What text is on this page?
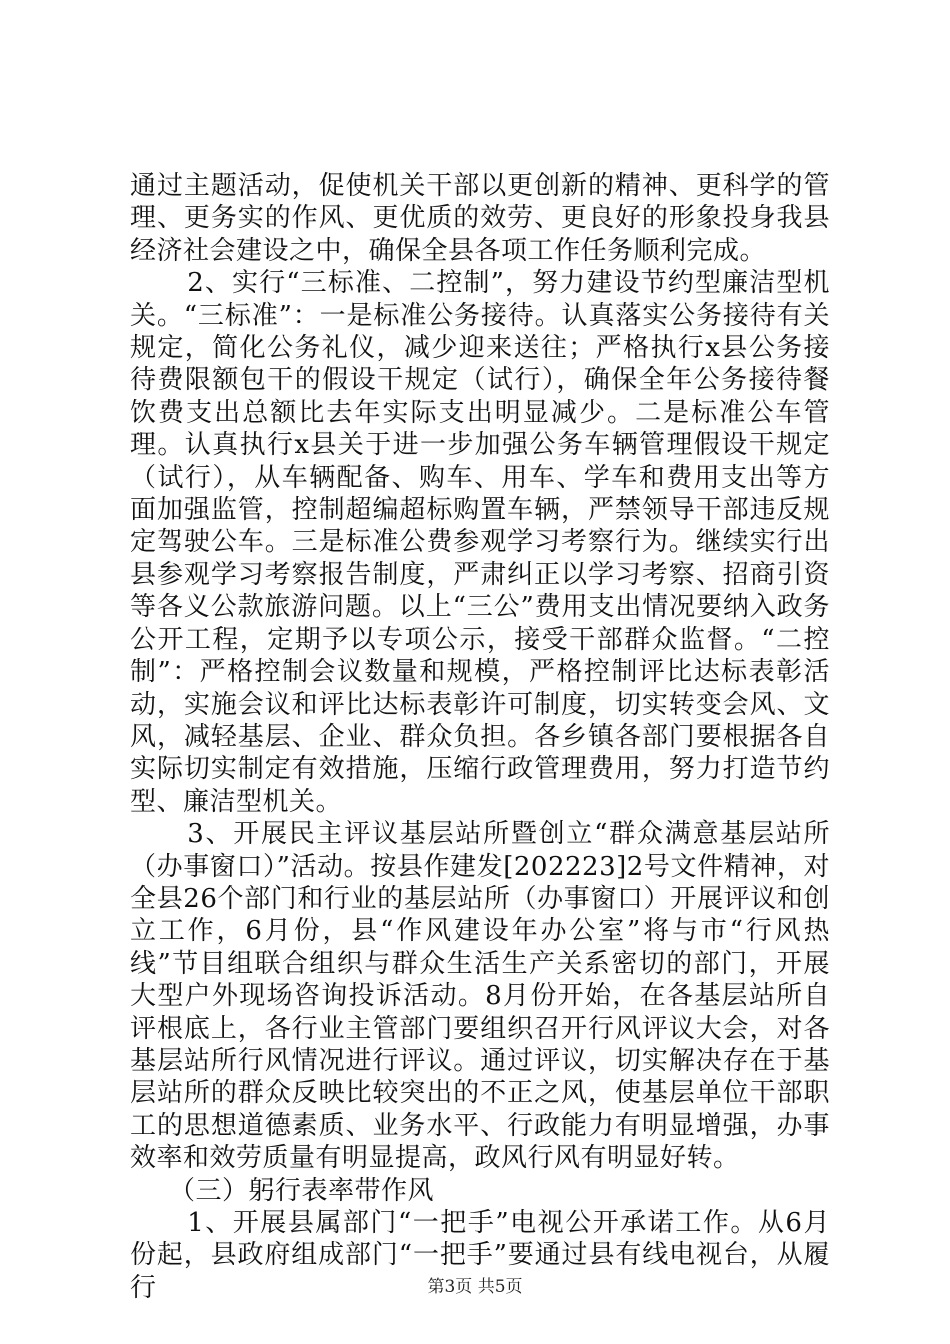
通过主题活动，促使机关干部以更创新的精神、更科学的管理、更务实的作风、更优质的效劳、更良好的形象投身我县经济社会建设之中，确保全县各项工作任务顺利完成。

2、实行“三标准、二控制”，努力建设节约型廉洁型机关。“三标准”：一是标准公务接待。认真落实公务接待有关规定，简化公务礼仪，减少迎来送往；严格执行x县公务接待费限额包干的假设干规定（试行），确保全年公务接待餐饮费支出总额比去年实际支出明显减少。二是标准公车管理。认真执行x县关于进一步加强公务车辆管理假设干规定（试行），从车辆配备、购车、用车、学车和费用支出等方面加强监管，控制超编超标购置车辆，严禁领导干部违反规定驾驶公车。三是标准公费参观学习考察行为。继续实行出县参观学习考察报告制度，严肃纠正以学习考察、招商引资等各义公款旅游问题。以上“三公”费用支出情况要纳入政务公开工程，定期予以专项公示，接受干部群众监督。“二控制”：严格控制会议数量和规模，严格控制评比达标表彰活动，实施会议和评比达标表彰许可制度，切实转变会风、文风，减轻基层、企业、群众负担。各乡镇各部门要根据各自实际切实制定有效措施，压缩行政管理费用，努力打造节约型、廉洁型机关。

3、开展民主评议基层站所暨创立“群众满意基层站所（办事窗口）”活动。按县作建发[202223]2号文件精神，对全县26个部门和行业的基层站所（办事窗口）开展评议和创立工作，6月份，县“作风建设年办公室”将与市“行风热线”节目组联合组织与群众生活生产关系密切的部门，开展大型户外现场咨询投诉活动。8月份开始，在各基层站所自评根底上，各行业主管部门要组织召开行风评议大会，对各基层站所行风情况进行评议。通过评议，切实解决存在于基层站所的群众反映比较突出的不正之风，使基层单位干部职工的思想道德素质、业务水平、行政能力有明显增强，办事效率和效劳质量有明显提高，政风行风有明显好转。

（三）躬行表率带作风

1、开展县属部门“一把手”电视公开承诺工作。从6月份起，县政府组成部门“一把手”要通过县有线电视台，从履行	第3页 共5页
